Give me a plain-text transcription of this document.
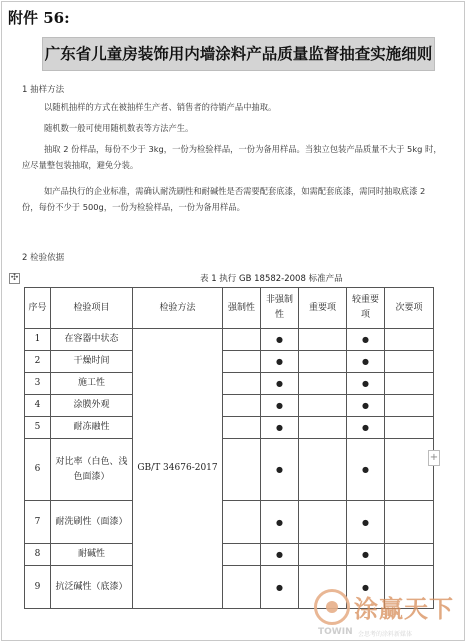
附件 56:
广东省儿童房装饰用内墙涂料产品质量监督抽查实施细则
1 抽样方法
以随机抽样的方式在被抽样生产者、销售者的待销产品中抽取。
随机数一般可使用随机数表等方法产生。
抽取 2 份样品，每份不少于 3kg，一份为检验样品，一份为备用样品。当独立包装产品质量不大于 5kg 时，应尽量整包装抽取，避免分装。
如产品执行的企业标准，需确认耐洗刷性和耐碱性是否需要配套底漆，如需配套底漆，需同时抽取底漆 2 份，每份不少于 500g，一份为检验样品，一份为备用样品。
2 检验依据
✣	表 1 执行 GB 18582-2008 标准产品
序号	检验项目	检验方法	强制性	非强制性	重要项	较重要项	次要项
1	在容器中状态	GB/T 34676-2017		●		●	
2	干燥时间			●		●	
3	施工性			●		●	
4	涂膜外观			●		●	
5	耐冻融性			●		●	
6	对比率（白色、浅色面漆）			●		●	
7	耐洗刷性（面漆）			●		●	
8	耐碱性			●		●	
9	抗泛碱性（底漆）			●		●	
+
涂赢天下
TOWIN 会思考的涂料新媒体
